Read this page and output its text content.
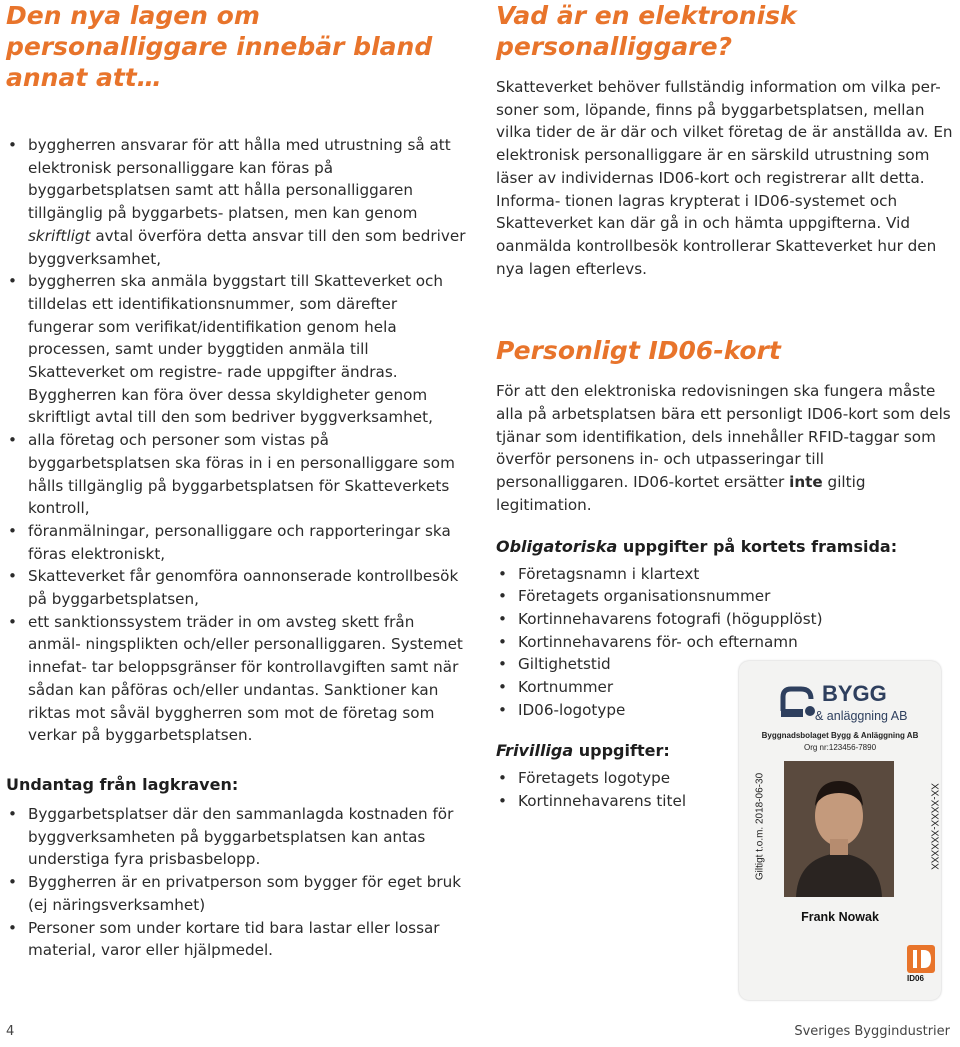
Den nya lagen om personalliggare innebär bland annat att…
• byggherren ansvarar för att hålla med utrustning så att elektronisk personalliggare kan föras på byggarbetsplatsen samt att hålla personalliggaren tillgänglig på byggarbets- platsen, men kan genom skriftligt avtal överföra detta ansvar till den som bedriver byggverksamhet,
• byggherren ska anmäla byggstart till Skatteverket och tilldelas ett identifikationsnummer, som därefter fungerar som verifikat/identifikation genom hela processen, samt under byggtiden anmäla till Skatteverket om registre- rade uppgifter ändras. Byggherren kan föra över dessa skyldigheter genom skriftligt avtal till den som bedriver byggverksamhet,
• alla företag och personer som vistas på byggarbetsplatsen ska föras in i en personalliggare som hålls tillgänglig på byggarbetsplatsen för Skatteverkets kontroll,
• föranmälningar, personalliggare och rapporteringar ska föras elektroniskt,
• Skatteverket får genomföra oannonserade kontrollbesök på byggarbetsplatsen,
• ett sanktionssystem träder in om avsteg skett från anmäl- ningsplikten och/eller personalliggaren. Systemet innefat- tar beloppsgränser för kontrollavgiften samt när sådan kan påföras och/eller undantas. Sanktioner kan riktas mot såväl byggherren som mot de företag som verkar på byggarbetsplatsen.
Undantag från lagkraven:
• Byggarbetsplatser där den sammanlagda kostnaden för byggverksamheten på byggarbetsplatsen kan antas understiga fyra prisbasbelopp.
• Byggherren är en privatperson som bygger för eget bruk (ej näringsverksamhet)
• Personer som under kortare tid bara lastar eller lossar material, varor eller hjälpmedel.
Vad är en elektronisk personalliggare?

Skatteverket behöver fullständig information om vilka per- soner som, löpande, finns på byggarbetsplatsen, mellan vilka tider de är där och vilket företag de är anställda av. En elektronisk personalliggare är en särskild utrustning som läser av individernas ID06-kort och registrerar allt detta. Informa- tionen lagras krypterat i ID06-systemet och Skatteverket kan där gå in och hämta uppgifterna. Vid oanmälda kontrollbesök kontrollerar Skatteverket hur den nya lagen efterlevs.

Personligt ID06-kort

För att den elektroniska redovisningen ska fungera måste alla på arbetsplatsen bära ett personligt ID06-kort som dels tjänar som identifikation, dels innehåller RFID-taggar som överför personens in- och utpasseringar till personalliggaren. ID06-kortet ersätter inte giltig legitimation.

Obligatoriska uppgifter på kortets framsida:
• Företagsnamn i klartext
• Företagets organisationsnummer
• Kortinnehavarens fotografi (högupplöst)
• Kortinnehavarens för- och efternamn
• Giltighetstid
• Kortnummer
• ID06-logotype
Frivilliga uppgifter:
• Företagets logotype
• Kortinnehavarens titel
BYGG
& anläggning AB
Byggnadsbolaget Bygg & Anläggning AB
Org nr:123456-7890
Giltigt t.o.m. 2018-06-30	XX-XXXX-XXXXXX
Frank Nowak
ID06
4	Sveriges Byggindustrier
